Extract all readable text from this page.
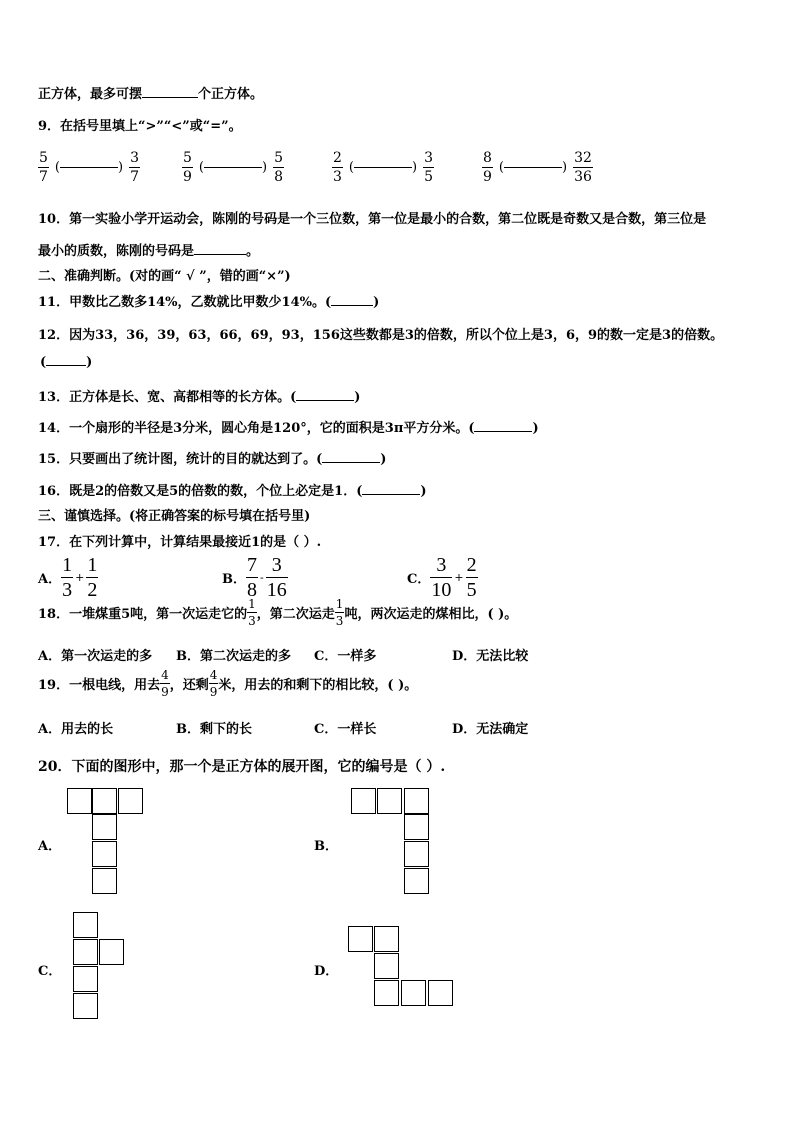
正方体，最多可摆	个正方体。
9．在括号里填上“>”“<”或“=”。
5
7
(	)
3
7
5
9
(	)
5
8
2
3
(	)
3
5
8
9
(	)
32
36
10．第一实验小学开运动会，陈刚的号码是一个三位数，第一位是最小的合数，第二位既是奇数又是合数，第三位是
最小的质数，陈刚的号码是	。
二、准确判断。(对的画“ √ ”，错的画“×”)
11．甲数比乙数多14%，乙数就比甲数少14%。(	)
12．因为33，36，39，63，66，69，93，156这些数都是3的倍数，所以个位上是3，6，9的数一定是3的倍数。
(	)
13．正方体是长、宽、高都相等的长方体。(	)
14．一个扇形的半径是3分米，圆心角是120°，它的面积是3π平方分米。(	)
15．只要画出了统计图，统计的目的就达到了。(	)
16．既是2的倍数又是5的倍数的数，个位上必定是1．(	)
三、谨慎选择。(将正确答案的标号填在括号里)
17．在下列计算中，计算结果最接近1的是（ ）.
A．
1
3
+
1
2	B．
7
8
-
3
16	C．
3
10
+
2
5
18．一堆煤重5吨，第一次运走它的
1
3 ，第二次运走
1
3 吨，两次运走的煤相比，( )。
A．第一次运走的多 B．第二次运走的多 C．一样多	D．无法比较
19．一根电线，用去
4
9 ，还剩
4
9 米，用去的和剩下的相比较，( )。
A．用去的长	B．剩下的长	C．一样长	D．无法确定
20．下面的图形中，那一个是正方体的展开图，它的编号是（ ）.
A．	B．
C．	D．
